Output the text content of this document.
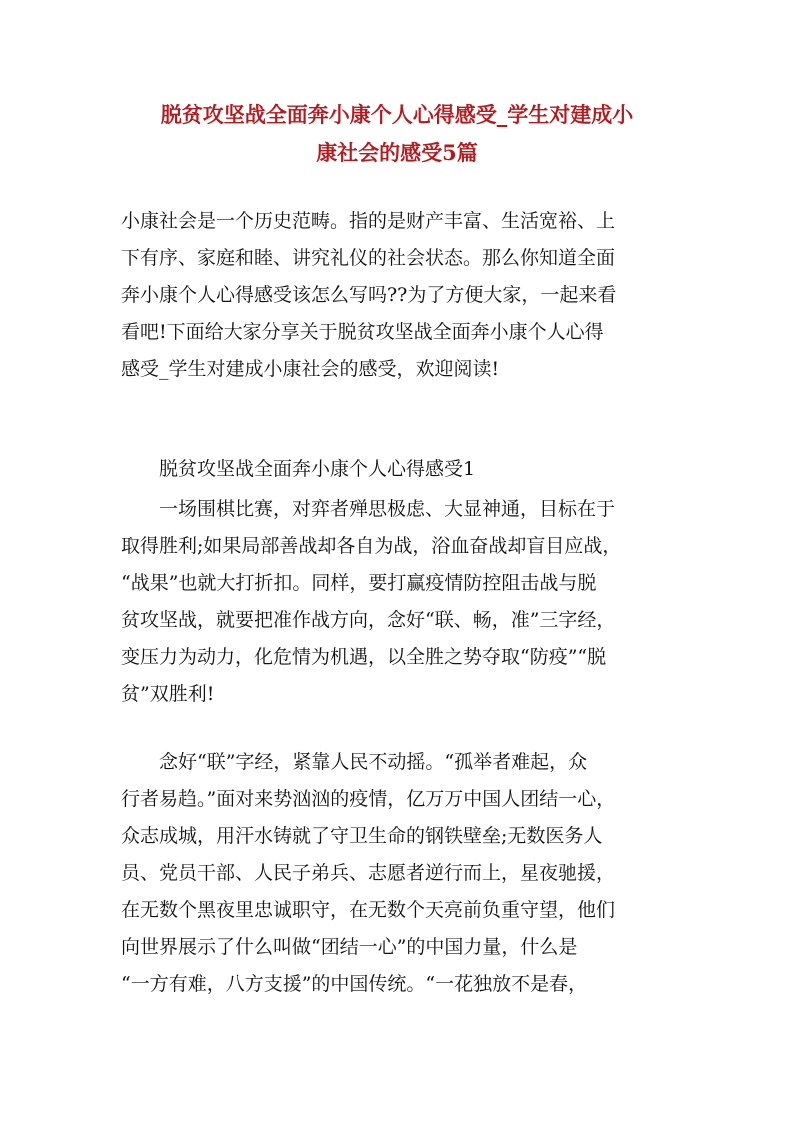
脱贫攻坚战全面奔小康个人心得感受_学生对建成小
康社会的感受5篇
小康社会是一个历史范畴。指的是财产丰富、生活宽裕、上
下有序、家庭和睦、讲究礼仪的社会状态。那么你知道全面
奔小康个人心得感受该怎么写吗??为了方便大家，一起来看
看吧!下面给大家分享关于脱贫攻坚战全面奔小康个人心得
感受_学生对建成小康社会的感受，欢迎阅读!
脱贫攻坚战全面奔小康个人心得感受1
一场围棋比赛，对弈者殚思极虑、大显神通，目标在于
取得胜利;如果局部善战却各自为战，浴血奋战却盲目应战，
“战果”也就大打折扣。同样，要打赢疫情防控阻击战与脱
贫攻坚战，就要把准作战方向，念好“联、畅，准”三字经，
变压力为动力，化危情为机遇，以全胜之势夺取“防疫”“脱
贫”双胜利!
念好“联”字经，紧靠人民不动摇。“孤举者难起，众
行者易趋。”面对来势汹汹的疫情，亿万万中国人团结一心，
众志成城，用汗水铸就了守卫生命的钢铁壁垒;无数医务人
员、党员干部、人民子弟兵、志愿者逆行而上，星夜驰援，
在无数个黑夜里忠诚职守，在无数个天亮前负重守望，他们
向世界展示了什么叫做“团结一心”的中国力量，什么是
“一方有难，八方支援”的中国传统。“一花独放不是春，
